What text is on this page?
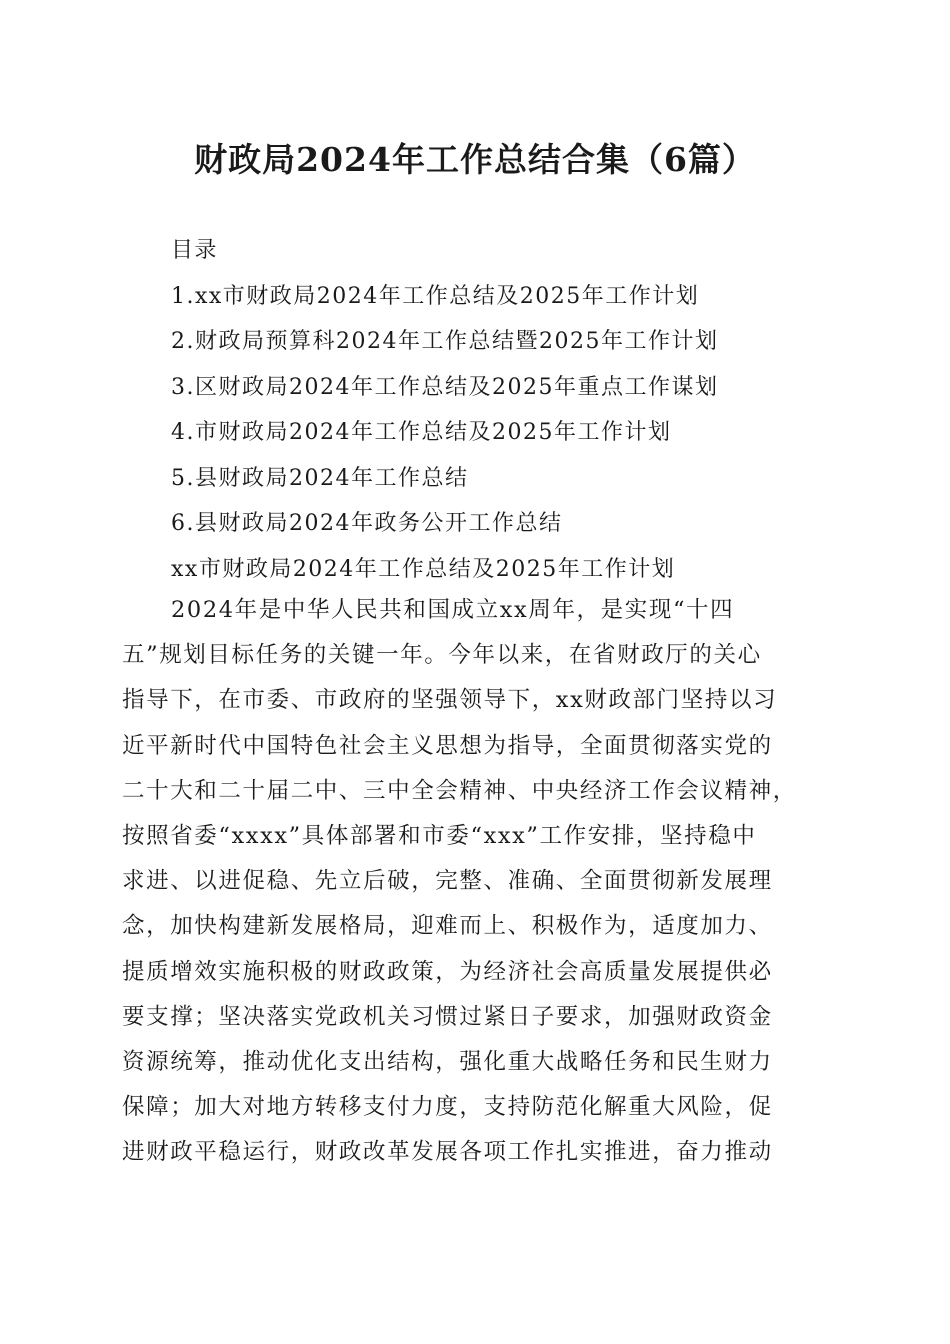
财政局2024年工作总结合集（6篇）
目录
1.xx市财政局2024年工作总结及2025年工作计划
2.财政局预算科2024年工作总结暨2025年工作计划
3.区财政局2024年工作总结及2025年重点工作谋划
4.市财政局2024年工作总结及2025年工作计划
5.县财政局2024年工作总结
6.县财政局2024年政务公开工作总结
xx市财政局2024年工作总结及2025年工作计划
2024年是中华人民共和国成立xx周年，是实现“十四
五”规划目标任务的关键一年。今年以来，在省财政厅的关心
指导下，在市委、市政府的坚强领导下，xx财政部门坚持以习
近平新时代中国特色社会主义思想为指导，全面贯彻落实党的
二十大和二十届二中、三中全会精神、中央经济工作会议精神，
按照省委“xxxx”具体部署和市委“xxx”工作安排，坚持稳中
求进、以进促稳、先立后破，完整、准确、全面贯彻新发展理
念，加快构建新发展格局，迎难而上、积极作为，适度加力、
提质增效实施积极的财政政策，为经济社会高质量发展提供必
要支撑；坚决落实党政机关习惯过紧日子要求，加强财政资金
资源统筹，推动优化支出结构，强化重大战略任务和民生财力
保障；加大对地方转移支付力度，支持防范化解重大风险，促
进财政平稳运行，财政改革发展各项工作扎实推进，奋力推动
